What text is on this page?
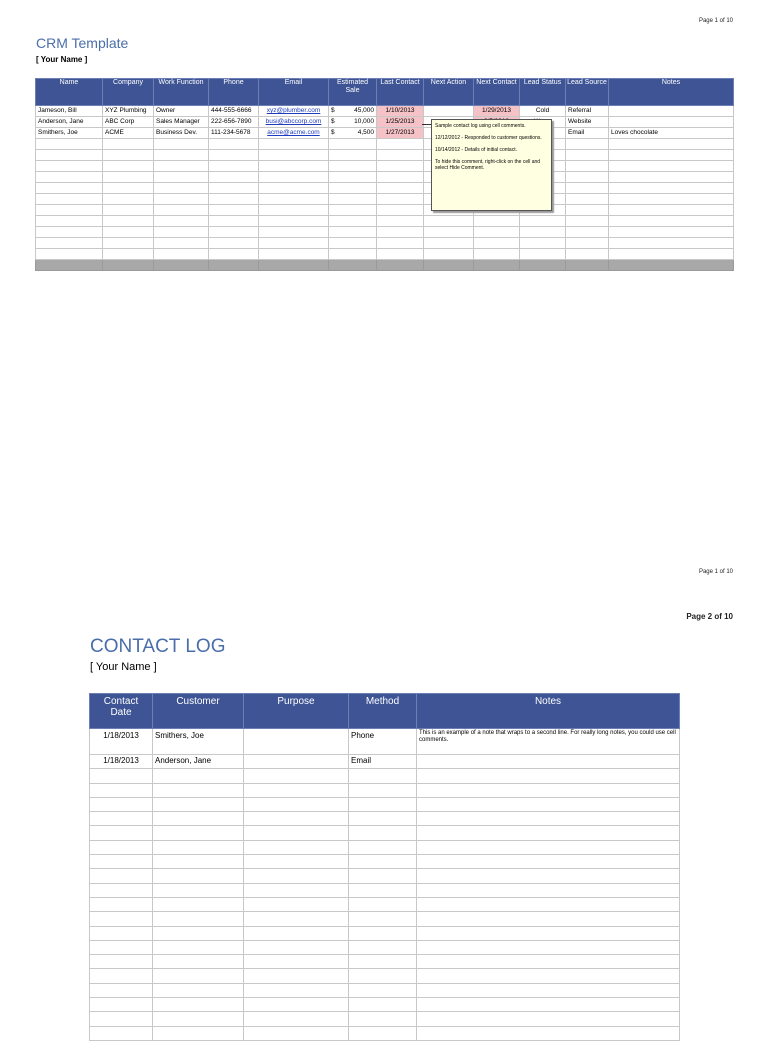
Page 1 of 10
CRM Template
[ Your Name ]
Name	Company	Work Function	Phone	Email	Estimated Sale	Last Contact	Next Action	Next Contact	Lead Status	Lead Source	Notes
Jameson, Bill	XYZ Plumbing	Owner	444-555-6666	xyz@plumber.com	$ 45,000	1/10/2013		1/29/2013	Cold	Referral	
Anderson, Jane	ABC Corp	Sales Manager	222-656-7890	busi@abccorp.com	$ 10,000	1/25/2013				Website	
Smithers, Joe	ACME	Business Dev.	111-234-5678	acme@acme.com	$ 4,500	1/27/2013				Email	Loves chocolate

Sample contact log using cell comments.

12/12/2012 - Responded to customer questions.

10/14/2012 - Details of initial contact.

To hide this comment, right-click on the cell and select Hide Comment.

Page 1 of 10
Page 2 of 10
CONTACT LOG
[ Your Name ]
Contact Date	Customer	Purpose	Method	Notes
1/18/2013	Smithers, Joe		Phone	This is an example of a note that wraps to a second line. For really long notes, you could use cell comments.
1/18/2013	Anderson, Jane		Email	
